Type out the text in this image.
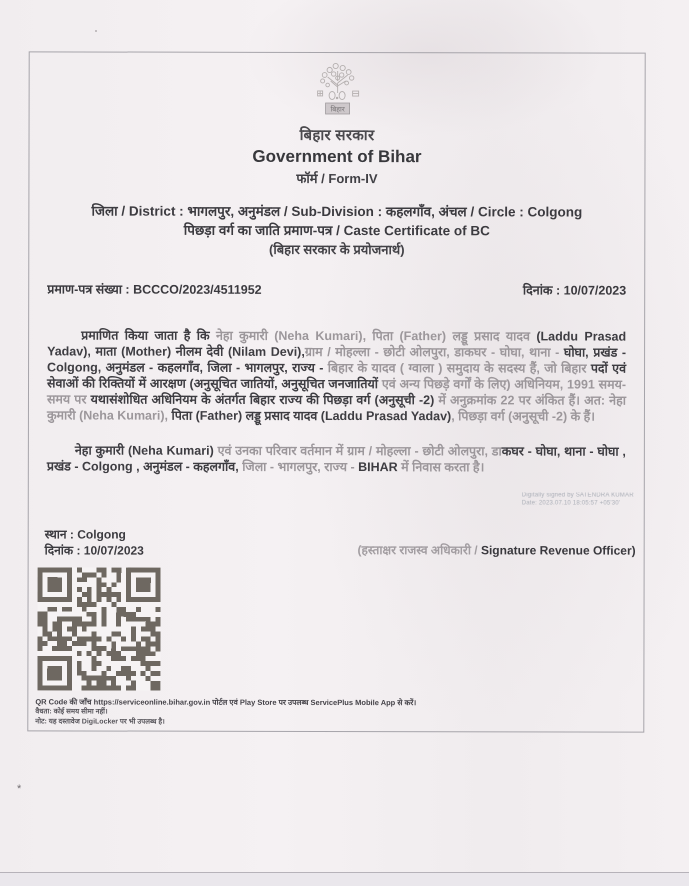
बिहार
बिहार सरकार
Government of Bihar
फॉर्म / Form-IV
जिला / District : भागलपुर, अनुमंडल / Sub-Division : कहलगाँव, अंचल / Circle : Colgong
पिछड़ा वर्ग का जाति प्रमाण-पत्र / Caste Certificate of BC
(बिहार सरकार के प्रयोजनार्थ)
प्रमाण-पत्र संख्या : BCCCO/2023/4511952	दिनांक : 10/07/2023
प्रमाणित किया जाता है कि नेहा कुमारी (Neha Kumari), पिता (Father) लड्डू प्रसाद यादव (Laddu Prasad Yadav), माता (Mother) नीलम देवी (Nilam Devi),ग्राम / मोहल्ला - छोटी ओलपुरा, डाकघर - घोघा, थाना - घोघा, प्रखंड - Colgong, अनुमंडल - कहलगाँव, जिला - भागलपुर, राज्य - बिहार के यादव ( ग्वाला ) समुदाय के सदस्य हैं, जो बिहार पदों एवं सेवाओं की रिक्तियों में आरक्षण (अनुसूचित जातियों, अनुसूचित जनजातियों एवं अन्य पिछड़े वर्गों के लिए) अधिनियम, 1991 समय-समय पर यथासंशोधित अधिनियम के अंतर्गत बिहार राज्य की पिछड़ा वर्ग (अनुसूची -2) में अनुक्रमांक 22 पर अंकित हैं। अत: नेहा कुमारी (Neha Kumari), पिता (Father) लड्डू प्रसाद यादव (Laddu Prasad Yadav), पिछड़ा वर्ग (अनुसूची -2) के हैं।
नेहा कुमारी (Neha Kumari) एवं उनका परिवार वर्तमान में ग्राम / मोहल्ला - छोटी ओलपुरा, डाकघर - घोघा, थाना - घोघा , प्रखंड - Colgong , अनुमंडल - कहलगाँव, जिला - भागलपुर, राज्य - BIHAR में निवास करता है।
Digitally signed by SATENDRA KUMAR
Date: 2023.07.10 18:05:57 +05'30'
स्थान : Colgong
दिनांक : 10/07/2023	(हस्ताक्षर राजस्व अधिकारी / Signature Revenue Officer)
QR Code की जाँच https://serviceonline.bihar.gov.in पोर्टल एवं Play Store पर उपलब्ध ServicePlus Mobile App से करें।
वैधता: कोई समय सीमा नहीं।
नोट: यह दस्तावेज DigiLocker पर भी उपलब्ध है।
*
